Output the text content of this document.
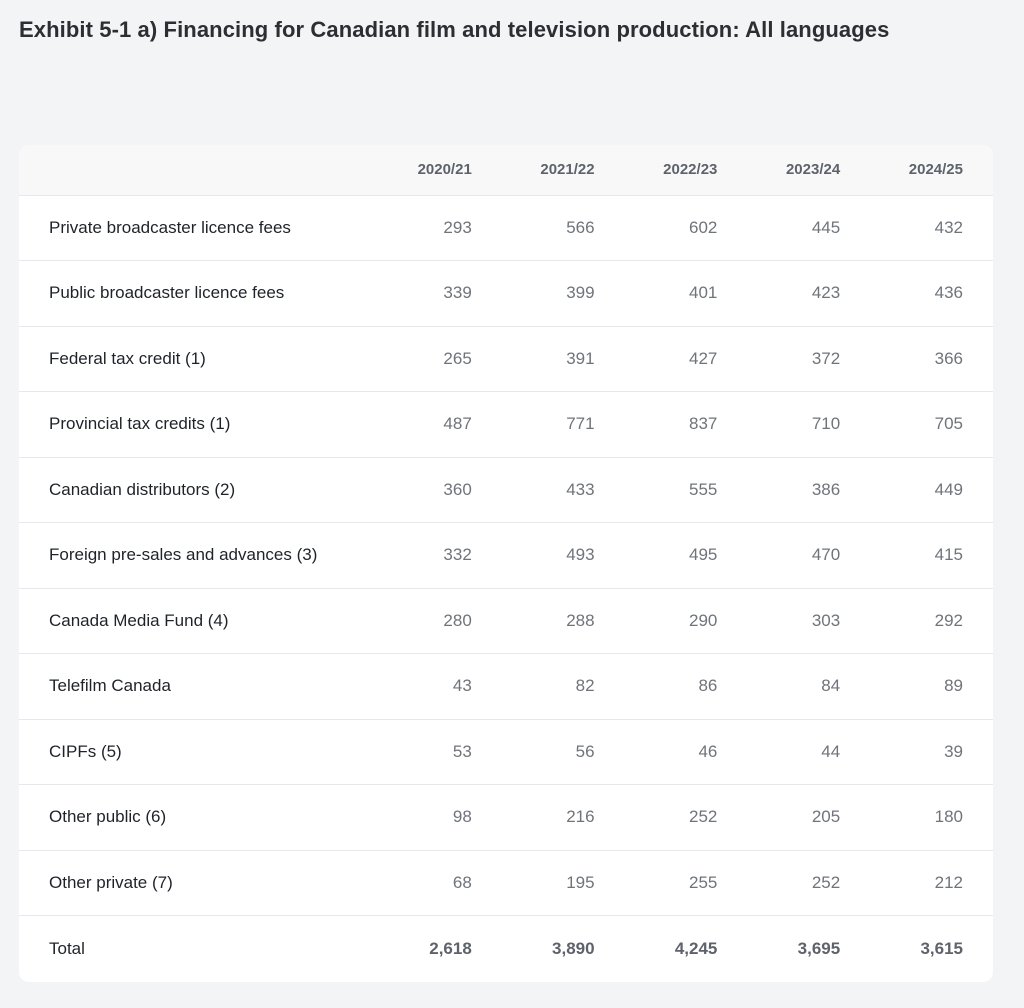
Exhibit 5-1 a) Financing for Canadian film and television production: All languages
	2020/21	2021/22	2022/23	2023/24	2024/25
Private broadcaster licence fees	293	566	602	445	432
Public broadcaster licence fees	339	399	401	423	436
Federal tax credit (1)	265	391	427	372	366
Provincial tax credits (1)	487	771	837	710	705
Canadian distributors (2)	360	433	555	386	449
Foreign pre-sales and advances (3)	332	493	495	470	415
Canada Media Fund (4)	280	288	290	303	292
Telefilm Canada	43	82	86	84	89
CIPFs (5)	53	56	46	44	39
Other public (6)	98	216	252	205	180
Other private (7)	68	195	255	252	212
Total	2,618	3,890	4,245	3,695	3,615
